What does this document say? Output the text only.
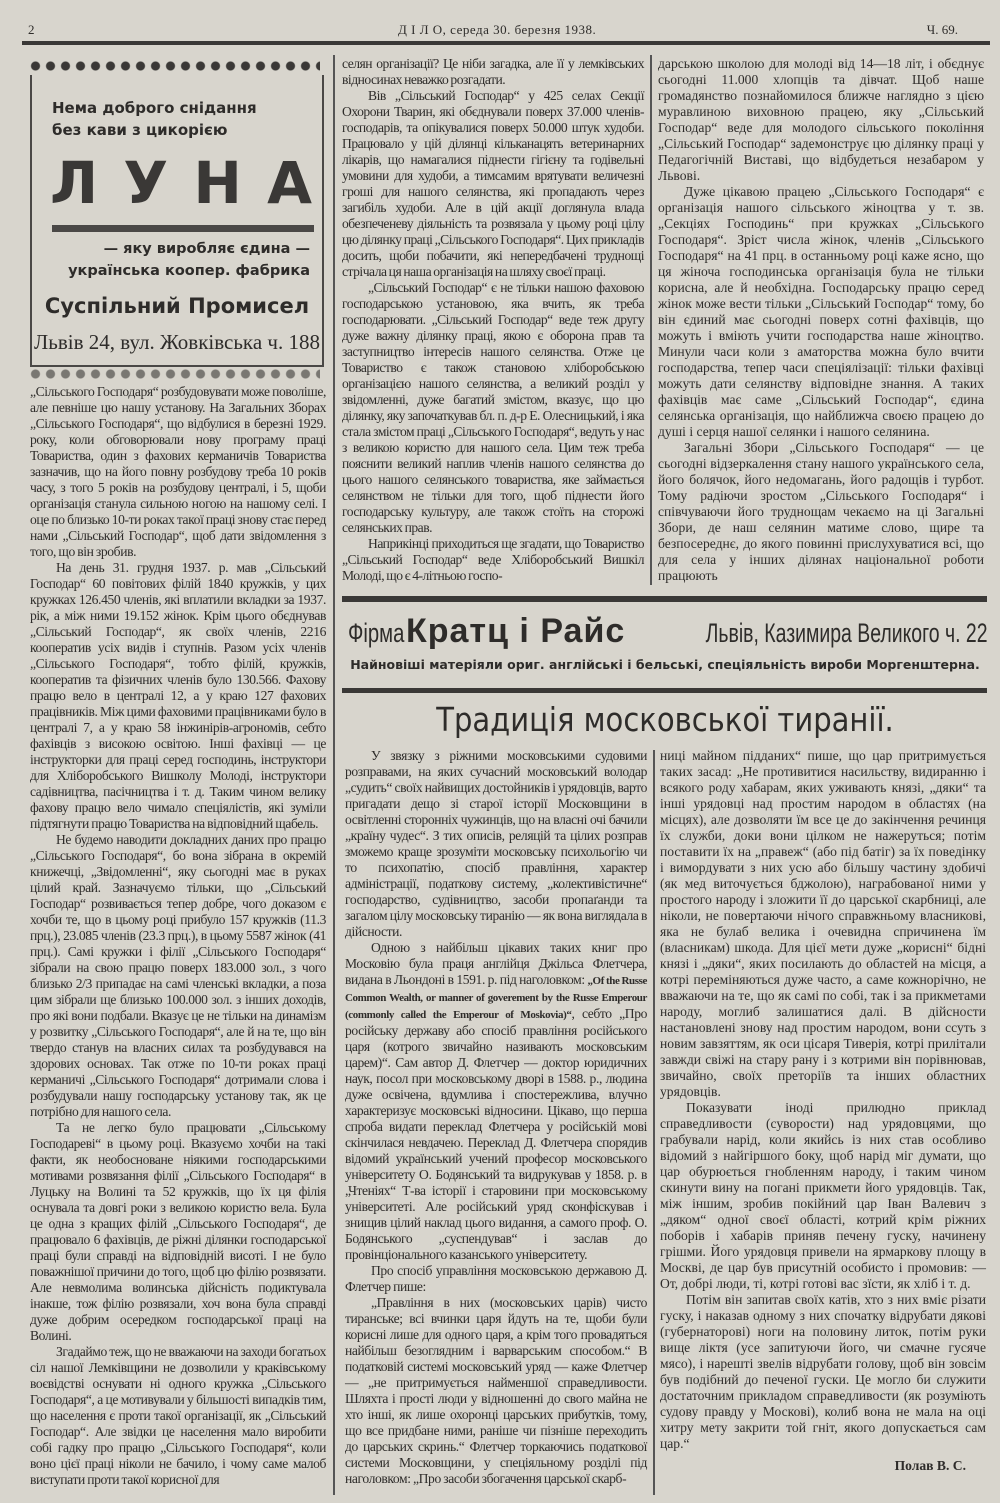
2	Д І Л О, середа 30. березня 1938.	Ч. 69.
Нема доброго снідання
без кави з цикорією
Л У Н А
— яку виробляє єдина —
українська коопер. фабрика
Суспільний Промисел
Львів 24, вул. Жовківська ч. 188

„Сільського Господаря“ розбудовувати може поволіше, але певніше цю нашу установу. На Загальних Зборах „Сільського Господаря“, що відбулися в березні 1929. року, коли обговорювали нову програму праці Товариства, один з фахових керманичів Товариства зазначив, що на його повну розбудову треба 10 років часу, з того 5 років на розбудову централі, і 5, щоби організація станула сильною ногою на нашому селі. І оце по близько 10-ти роках такої праці знову стає перед нами „Сільський Господар“, щоб дати звідомлення з того, що він зробив.

На день 31. грудня 1937. р. мав „Сільський Господар“ 60 повітових філій 1840 кружків, у цих кружках 126.450 членів, які вплатили вкладки за 1937. рік, а між ними 19.152 жінок. Крім цього обєднував „Сільський Господар“, як своїх членів, 2216 кооператив усіх видів і ступнів. Разом усіх членів „Сільського Господаря“, тобто філій, кружків, кооператив та фізичних членів було 130.566. Фахову працю вело в централі 12, а у краю 127 фахових працівників. Між цими фаховими працівниками було в централі 7, а у краю 58 інжинірів-агрономів, себто фахівців з високою освітою. Інші фахівці — це інструкторки для праці серед господинь, інструктори для Хліборобського Вишколу Молоді, інструктори садівництва, пасічництва і т. д. Таким чином велику фахову працю вело чимало спеціялістів, які зуміли підтягнути працю Товариства на відповідний щабель.

Не будемо наводити докладних даних про працю „Сільського Господаря“, бо вона зібрана в окремій книжечці, „Звідомленні“, яку сьогодні має в руках цілий край. Зазначуємо тільки, що „Сільський Господар“ розвивається тепер добре, чого доказом є хочби те, що в цьому році прибуло 157 кружків (11.3 прц.), 23.085 членів (23.3 прц.), в цьому 5587 жінок (41 прц.). Самі кружки і філії „Сільського Господаря“ зібрали на свою працю поверх 183.000 зол., з чого близько 2/3 припадає на самі членські вкладки, а поза цим зібрали ще близько 100.000 зол. з інших доходів, про які вони подбали. Вказує це не тільки на динамізм у розвитку „Сільського Господаря“, але й на те, що він твердо станув на власних силах та розбудувався на здорових основах. Так отже по 10-ти роках праці керманичі „Сільського Господаря“ дотримали слова і розбудували нашу господарську установу так, як це потрібно для нашого села.

Та не легко було працювати „Сільському Господареві“ в цьому році. Вказуємо хочби на такі факти, як необосноване ніякими господарськими мотивами розвязання філії „Сільського Господаря“ в Луцьку на Волині та 52 кружків, що їх ця філія оснувала та довгі роки з великою користю вела. Була це одна з кращих філій „Сільського Господаря“, де працювало 6 фахівців, де ріжні ділянки господарської праці були справді на відповідній висоті. І не було поважнішої причини до того, щоб цю філію розвязати. Але невмолима волинська дійсність подиктувала інакше, тож філію розвязали, хоч вона була справді дуже добрим осередком господарської праці на Волині.

Згадаймо теж, що не вважаючи на заходи богатьох сіл нашої Лемківщини не дозволили у краківському воєвідстві оснувати ні одного кружка „Сільського Господаря“, а це мотивували у більшості випадків тим, що населення є проти такої організації, як „Сільський Господар“. Але звідки це населення мало виробити собі гадку про працю „Сільського Господаря“, коли воно цієї праці ніколи не бачило, і чому саме малоб виступати проти такої корисної для

селян організації? Це ніби загадка, але її у лемківських відносинах неважко розгадати.

Вів „Сільський Господар“ у 425 селах Секції Охорони Тварин, які обєднували поверх 37.000 членів-господарів, та опікувалися поверх 50.000 штук худоби. Працювало у цій ділянці кільканацять ветеринарних лікарів, що намагалися піднести гігієну та годівельні умовини для худоби, а тимсамим врятувати величезні гроші для нашого селянства, які пропадають через загибіль худоби. Але в цій акції доглянула влада обезпеченеву діяльність та розвязала у цьому році цілу цю ділянку праці „Сільського Господаря“. Цих прикладів досить, щоби побачити, які непередбачені труднощі стрічала ця наша організація на шляху своєї праці.

„Сільський Господар“ є не тільки нашою фаховою господарською установою, яка вчить, як треба господарювати. „Сільський Господар“ веде теж другу дуже важну ділянку праці, якою є оборона прав та заступництво інтересів нашого селянства. Отже це Товариство є також становою хліборобською організацією нашого селянства, а великий розділ у звідомленні, дуже багатий змістом, вказує, що цю ділянку, яку започаткував бл. п. д-р Е. Олесницький, і яка стала змістом праці „Сільського Господаря“, ведуть у нас з великою користю для нашого села. Цим теж треба пояснити великий наплив членів нашого селянства до цього нашого селянського товариства, яке займається селянством не тільки для того, щоб піднести його господарську культуру, але також стоїть на сторожі селянських прав.

Наприкінці приходиться ще згадати, що Товариство „Сільський Господар“ веде Хліборобський Вишкіл Молоді, що є 4-літньою госпо-

дарською школою для молоді від 14—18 літ, і обєднує сьогодні 11.000 хлопців та дівчат. Щоб наше громадянство познайомилося ближче наглядно з цією муравлиною виховною працею, яку „Сільський Господар“ веде для молодого сільського покоління „Сільський Господар“ задемонструє цю ділянку праці у Педагогічній Виставі, що відбудеться незабаром у Львові.

Дуже цікавою працею „Сільського Господаря“ є організація нашого сільського жіноцтва у т. зв. „Секціях Господинь“ при кружках „Сільського Господаря“. Зріст числа жінок, членів „Сільського Господаря“ на 41 прц. в останньому році каже ясно, що ця жіноча господинська організація була не тільки корисна, але й необхідна. Господарську працю серед жінок може вести тільки „Сільський Господар“ тому, бо він єдиний має сьогодні поверх сотні фахівців, що можуть і вміють учити господарства наше жіноцтво. Минули часи коли з аматорства можна було вчити господарства, тепер часи спеціялізації: тільки фахівці можуть дати селянству відповідне знання. А таких фахівців має саме „Сільський Господар“, єдина селянська організація, що найближча своєю працею до душі і серця нашої селянки і нашого селянина.

Загальні Збори „Сільського Господаря“ — це сьогодні відзеркалення стану нашого українського села, його болячок, його недомагань, його радощів і турбот. Тому радіючи зростом „Сільського Господаря“ і співчуваючи його труднощам чекаємо на ці Загальні Збори, де наш селянин матиме слово, щире та безпосереднє, до якого повинні прислухуватися всі, що для села у інших ділянах національної роботи працюють

Фірма Кратц і Райс	Львів, Казимира Великого ч. 22
Найновіші матеріяли ориг. англійські і бельські, спеціяльність вироби Моргенштерна.
Традиція московської тиранії.

У звязку з ріжними московськими судовими розправами, на яких сучасний московський володар „судить“ своїх найвищих достойників і урядовців, варто пригадати дещо зі старої історії Московщини в освітленні сторонніх чужинців, що на власні очі бачили „країну чудес“. З тих описів, реляцій та цілих розправ зможемо краще зрозуміти московську психольогію чи то психопатію, спосіб правління, характер адміністрації, податкову систему, „колективістичне“ господарство, судівництво, засоби пропаґанди та загалом цілу московську тиранію — як вона виглядала в дійсности.

Одною з найбільш цікавих таких книг про Московію була праця англійця Джільса Флетчера, видана в Льондоні в 1591. р. під наголовком: „Of the Russe Common Wealth, or manner of goverement by the Russe Emperour (commonly called the Emperour of Moskovia)“, себто „Про російську державу або спосіб правління російського царя (котрого звичайно називають московським царем)“. Сам автор Д. Флетчер — доктор юридичних наук, посол при московському дворі в 1588. р., людина дуже освічена, вдумлива і спостережлива, влучно характеризує московські відносини. Цікаво, що перша спроба видати переклад Флетчера у російській мові скінчилася невдачею. Переклад Д. Флетчера спорядив відомий український учений професор московського університету О. Бодянський та видрукував у 1858. р. в „Чтеніях“ Т-ва історії і старовини при московському університеті. Але російський уряд сконфіскував і знищив цілий наклад цього видання, а самого проф. О. Бодянського „суспендував“ і заслав до провінціонального казанського університету.

Про спосіб управління московською державою Д. Флетчер пише:

„Правління в них (московських царів) чисто тиранське; всі вчинки царя йдуть на те, щоби були корисні лише для одного царя, а крім того провадяться найбільш безоглядним і варварським способом.“ В податковій системі московський уряд — каже Флетчер — „не притримується найменшої справедливости. Шляхта і прості люди у відношенні до свого майна не хто інші, як лише охоронці царських прибутків, тому, що все придбане ними, раніше чи пізніше переходить до царських скринь.“ Флетчер торкаючись податкової системи Московщини, у спеціяльному розділі під наголовком: „Про засоби збогачення царської скарб-

ниці майном підданих“ пише, що цар притримується таких засад: „Не противитися насильству, видиранню і всякого роду хабарам, яких уживають князі, „дяки“ та інші урядовці над простим народом в областях (на місцях), але дозволяти їм все це до закінчення речинця їх служби, доки вони цілком не нажеруться; потім поставити їх на „правеж“ (або під батіг) за їх поведінку і вимордувати з них усю або більшу частину здобичі (як мед виточується бджолою), награбованої ними у простого народу і зложити її до царської скарбниці, але ніколи, не повертаючи нічого справжньому власникові, яка не булаб велика і очевидна спричинена їм (власникам) шкода. Для цієї мети дуже „корисні“ бідні князі і „дяки“, яких посилають до областей на місця, а котрі переміняються дуже часто, а саме кожнорічно, не вважаючи на те, що як самі по собі, так і за прикметами народу, моглиб залишатися далі. В дійсности настановлені знову над простим народом, вони ссуть з новим завзяттям, як оси цісаря Тиверія, котрі прилітали завжди свіжі на стару рану і з котрими він порівнював, звичайно, своїх преторіїв та інших областних урядовців.

Показувати іноді прилюдно приклад справедливости (суворости) над урядовцями, що грабували нарід, коли якийсь із них став особливо відомий з найгіршого боку, щоб нарід міг думати, що цар обурюється гнобленням народу, і таким чином скинути вину на погані прикмети його урядовців. Так, між іншим, зробив покійний цар Іван Валевич з „дяком“ одної своєї області, котрий крім ріжних поборів і хабарів приняв печену гуску, начинену грішми. Його урядовця привели на ярмаркову площу в Москві, де цар був присутній особисто і промовив: — От, добрі люди, ті, котрі готові вас зїсти, як хліб і т. д.

Потім він запитав своїх катів, хто з них вміє різати гуску, і наказав одному з них спочатку відрубати дякові (губернаторові) ноги на половину литок, потім руки вище ліктя (усе запитуючи його, чи смачне гусяче мясо), і нарешті звелів відрубати голову, щоб він зовсім був подібний до печеної гуски. Це могло би служити достаточним прикладом справедливости (як розуміють судову правду у Москові), колиб вона не мала на оці хитру мету закрити той гніт, якого допускається сам цар.“

Полав В. С.
